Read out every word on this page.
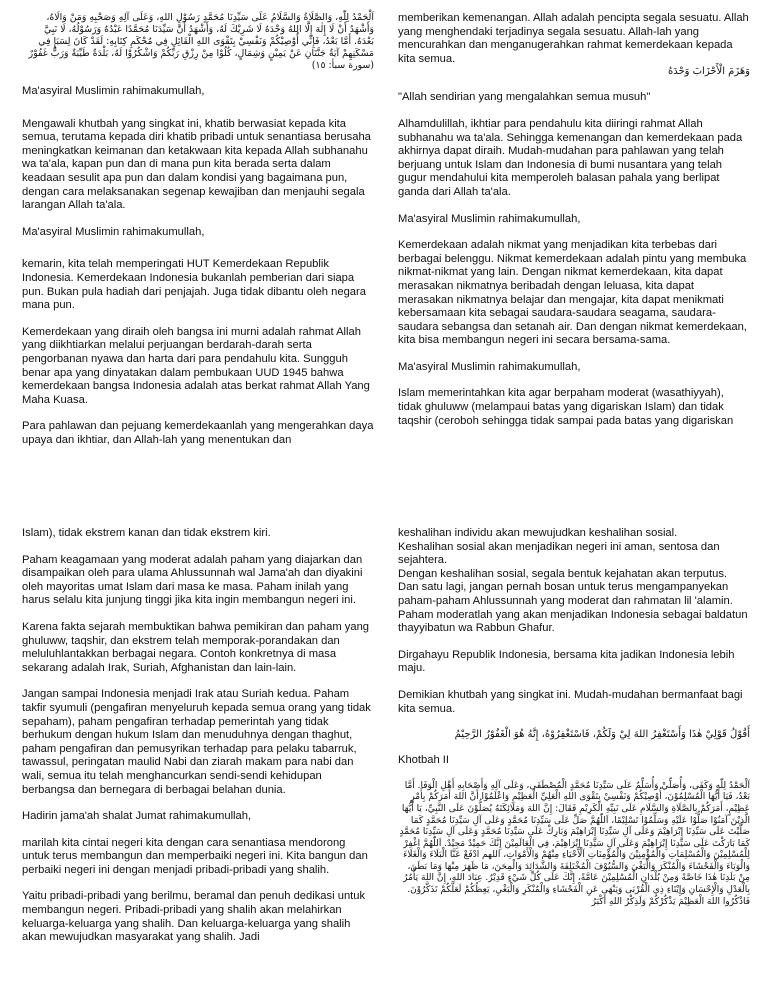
اَلْحَمْدُ لِلّٰهِ، وَالصَّلَاةُ وَالسَّلَامُ عَلَى سَيِّدِنَا مُحَمَّدٍ رَسُوْلِ اللهِ، وَعَلَى آلِهِ وَصَحْبِهِ وَمَنْ وَالَاهُ، وَأَشْهَدُ أَنْ لَا إِلٰهَ إِلَّا اللهُ وَحْدَهُ لَا شَرِيْكَ لَهُ، وَأَشْهَدُ أَنَّ سَيِّدَنَا مُحَمَّدًا عَبْدُهُ وَرَسُوْلُهُ، لَا نَبِيَّ بَعْدَهُ. أَمَّا بَعْدُ، فَإِنِّي أُوْصِيْكُمْ وَنَفْسِيْ بِتَقْوَى اللهِ الْقَائِلِ فِي مُحْكَمِ كِتَابِهِ: لَقَدْ كَانَ لِسَبَإٍ فِي مَسْكَنِهِمْ آيَةٌ جَنَّتَانِ عَنْ يَمِيْنٍ وَشِمَالٍ، كُلُوْا مِنْ رِزْقِ رَبِّكُمْ وَاشْكُرُوْا لَهُ، بَلْدَةٌ طَيِّبَةٌ وَرَبٌّ غَفُوْرٌ (سورة سبأ: ١٥)

Ma'asyiral Muslimin rahimakumullah,

Mengawali khutbah yang singkat ini, khatib berwasiat kepada kita semua, terutama kepada diri khatib pribadi untuk senantiasa berusaha meningkatkan keimanan dan ketakwaan kita kepada Allah subhanahu wa ta'ala, kapan pun dan di mana pun kita berada serta dalam keadaan sesulit apa pun dan dalam kondisi yang bagaimana pun, dengan cara melaksanakan segenap kewajiban dan menjauhi segala larangan Allah ta'ala.

Ma'asyiral Muslimin rahimakumullah,

kemarin, kita telah memperingati HUT Kemerdekaan Republik Indonesia. Kemerdekaan Indonesia bukanlah pemberian dari siapa pun. Bukan pula hadiah dari penjajah. Juga tidak dibantu oleh negara mana pun.

Kemerdekaan yang diraih oleh bangsa ini murni adalah rahmat Allah yang diikhtiarkan melalui perjuangan berdarah-darah serta pengorbanan nyawa dan harta dari para pendahulu kita. Sungguh benar apa yang dinyatakan dalam pembukaan UUD 1945 bahwa kemerdekaan bangsa Indonesia adalah atas berkat rahmat Allah Yang Maha Kuasa.

Para pahlawan dan pejuang kemerdekaanlah yang mengerahkan daya upaya dan ikhtiar, dan Allah-lah yang menentukan dan

memberikan kemenangan. Allah adalah pencipta segala sesuatu. Allah yang menghendaki terjadinya segala sesuatu. Allah-lah yang mencurahkan dan menganugerahkan rahmat kemerdekaan kepada kita semua.

وَهَزَمَ الْأَحْزَابَ وَحْدَهُ

"Allah sendirian yang mengalahkan semua musuh"

Alhamdulillah, ikhtiar para pendahulu kita diiringi rahmat Allah subhanahu wa ta'ala. Sehingga kemenangan dan kemerdekaan pada akhirnya dapat diraih. Mudah-mudahan para pahlawan yang telah berjuang untuk Islam dan Indonesia di bumi nusantara yang telah gugur mendahului kita memperoleh balasan pahala yang berlipat ganda dari Allah ta'ala.

Ma'asyiral Muslimin rahimakumullah,

Kemerdekaan adalah nikmat yang menjadikan kita terbebas dari berbagai belenggu. Nikmat kemerdekaan adalah pintu yang membuka nikmat-nikmat yang lain. Dengan nikmat kemerdekaan, kita dapat merasakan nikmatnya beribadah dengan leluasa, kita dapat merasakan nikmatnya belajar dan mengajar, kita dapat menikmati kebersamaan kita sebagai saudara-saudara seagama, saudara-saudara sebangsa dan setanah air. Dan dengan nikmat kemerdekaan, kita bisa membangun negeri ini secara bersama-sama.

Ma'asyiral Muslimin rahimakumullah,

Islam memerintahkan kita agar berpaham moderat (wasathiyyah), tidak ghuluww (melampaui batas yang digariskan Islam) dan tidak taqshir (ceroboh sehingga tidak sampai pada batas yang digariskan

Islam), tidak ekstrem kanan dan tidak ekstrem kiri.

Paham keagamaan yang moderat adalah paham yang diajarkan dan disampaikan oleh para ulama Ahlussunnah wal Jama'ah dan diyakini oleh mayoritas umat Islam dari masa ke masa. Paham inilah yang harus selalu kita junjung tinggi jika kita ingin membangun negeri ini.

Karena fakta sejarah membuktikan bahwa pemikiran dan paham yang ghuluww, taqshir, dan ekstrem telah memporak-porandakan dan meluluhlantakkan berbagai negara. Contoh konkretnya di masa sekarang adalah Irak, Suriah, Afghanistan dan lain-lain.

Jangan sampai Indonesia menjadi Irak atau Suriah kedua. Paham takfir syumuli (pengafiran menyeluruh kepada semua orang yang tidak sepaham), paham pengafiran terhadap pemerintah yang tidak berhukum dengan hukum Islam dan menuduhnya dengan thaghut, paham pengafiran dan pemusyrikan terhadap para pelaku tabarruk, tawassul, peringatan maulid Nabi dan ziarah makam para nabi dan wali, semua itu telah menghancurkan sendi-sendi kehidupan berbangsa dan bernegara di berbagai belahan dunia.

Hadirin jama'ah shalat Jumat rahimakumullah,

marilah kita cintai negeri kita dengan cara senantiasa mendorong untuk terus membangun dan memperbaiki negeri ini. Kita bangun dan perbaiki negeri ini dengan menjadi pribadi-pribadi yang shalih.

Yaitu pribadi-pribadi yang berilmu, beramal dan penuh dedikasi untuk membangun negeri. Pribadi-pribadi yang shalih akan melahirkan keluarga-keluarga yang shalih. Dan keluarga-keluarga yang shalih akan mewujudkan masyarakat yang shalih. Jadi

keshalihan individu akan mewujudkan keshalihan sosial.

Keshalihan sosial akan menjadikan negeri ini aman, sentosa dan sejahtera.

Dengan keshalihan sosial, segala bentuk kejahatan akan terputus. Dan satu lagi, jangan pernah bosan untuk terus mengampanyekan paham-paham Ahlussunnah yang moderat dan rahmatan lil 'alamin. Paham moderatlah yang akan menjadikan Indonesia sebagai baldatun thayyibatun wa Rabbun Ghafur.

Dirgahayu Republik Indonesia, bersama kita jadikan Indonesia lebih maju.

Demikian khutbah yang singkat ini. Mudah-mudahan bermanfaat bagi kita semua.

أَقُوْلُ قَوْلِيْ هٰذَا وَأَسْتَغْفِرُ اللهَ لِيْ وَلَكُمْ، فَاسْتَغْفِرُوْهُ، إِنَّهُ هُوَ الْغَفُوْرُ الرَّحِيْمُ

Khotbah II

اَلْحَمْدُ لِلّٰهِ وَكَفَى، وَأُصَلِّيْ وَأُسَلِّمُ عَلَى سَيِّدِنَا مُحَمَّدٍ الْمُصْطَفَى، وَعَلَى آلِهِ وَأَصْحَابِهِ أَهْلِ الْوَفَا. أَمَّا بَعْدُ، فَيَا أَيُّهَا الْمُسْلِمُوْنَ، أُوْصِيْكُمْ وَنَفْسِيْ بِتَقْوَى اللهِ الْعَلِيِّ الْعَظِيْمِ وَاعْلَمُوْا أَنَّ اللهَ أَمَرَكُمْ بِأَمْرٍ عَظِيْمٍ، أَمَرَكُمْ بِالصَّلَاةِ وَالسَّلَامِ عَلَى نَبِيِّهِ الْكَرِيْمِ فَقَالَ: إِنَّ اللهَ وَمَلَائِكَتَهُ يُصَلُّوْنَ عَلَى النَّبِيِّ، يَا أَيُّهَا الَّذِيْنَ آمَنُوْا صَلُّوْا عَلَيْهِ وَسَلِّمُوْا تَسْلِيْمًا، اَللّٰهُمَّ صَلِّ عَلَى سَيِّدِنَا مُحَمَّدٍ وَعَلَى آلِ سَيِّدِنَا مُحَمَّدٍ كَمَا صَلَّيْتَ عَلَى سَيِّدِنَا إِبْرَاهِيْمَ وَعَلَى آلِ سَيِّدِنَا إِبْرَاهِيْمَ وَبَارِكْ عَلَى سَيِّدِنَا مُحَمَّدٍ وَعَلَى آلِ سَيِّدِنَا مُحَمَّدٍ كَمَا بَارَكْتَ عَلَى سَيِّدِنَا إِبْرَاهِيْمَ وَعَلَى آلِ سَيِّدِنَا إِبْرَاهِيْمَ، فِي الْعَالَمِيْنَ إِنَّكَ حَمِيْدٌ مَجِيْدٌ. اَللّٰهُمَّ اغْفِرْ لِلْمُسْلِمِيْنَ وَالْمُسْلِمَاتِ وَالْمُؤْمِنِيْنَ وَالْمُؤْمِنَاتِ اَلْأَحْيَاءِ مِنْهُمْ وَالْأَمْوَاتِ، اللهم ادْفَعْ عَنَّا الْبَلَاءَ وَالْغَلَاءَ وَالْوَبَاءَ وَالْفَحْشَاءَ وَالْمُنْكَرَ وَالْبَغْيَ وَالسُّيُوْفَ الْمُخْتَلِفَةَ وَالشَّدَائِدَ وَالْمِحَنَ، مَا ظَهَرَ مِنْهَا وَمَا بَطَنَ، مِنْ بَلَدِنَا هٰذَا خَاصَّةً وَمِنْ بُلْدَانِ الْمُسْلِمِيْنَ عَامَّةً، إِنَّكَ عَلَى كُلِّ شَيْءٍ قَدِيْرٌ. عِبَادَ اللهِ، إِنَّ اللهَ يَأْمُرُ بِالْعَدْلِ وَالْإِحْسَانِ وَإِيْتَاءِ ذِي الْقُرْبَى وَيَنْهَى عَنِ الْفَحْشَاءِ وَالْمُنْكَرِ وَالْبَغْيِ، يَعِظُكُمْ لَعَلَّكُمْ تَذَكَّرُوْنَ. فَاذْكُرُوا اللهَ الْعَظِيْمَ يَذْكُرْكُمْ وَلَذِكْرُ اللهِ أَكْبَرُ
